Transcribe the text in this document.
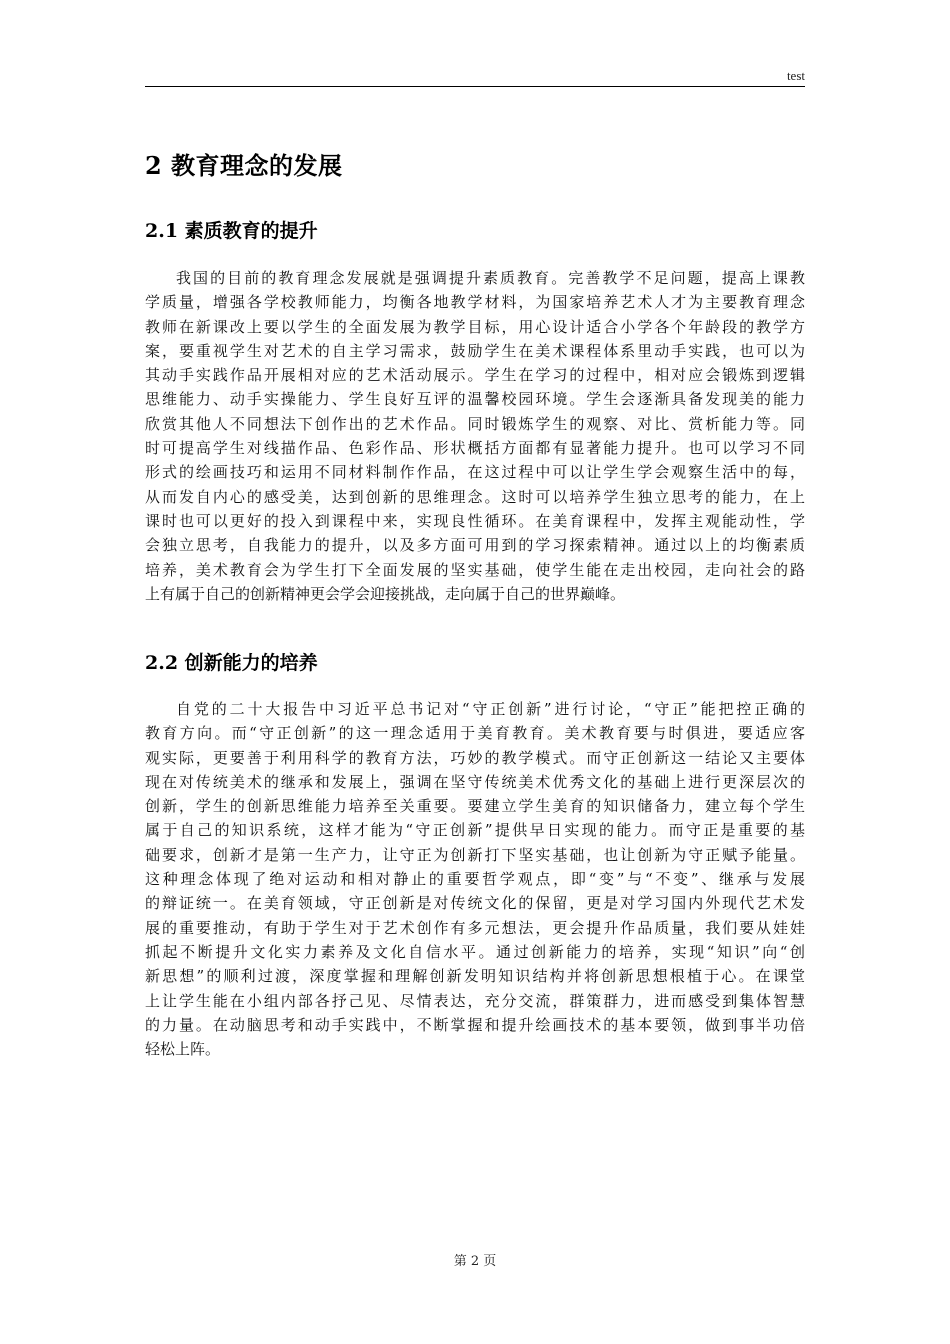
test
2 教育理念的发展
2.1 素质教育的提升
我国的目前的教育理念发展就是强调提升素质教育。完善教学不足问题，提高上课教
学质量，增强各学校教师能力，均衡各地教学材料，为国家培养艺术人才为主要教育理念
教师在新课改上要以学生的全面发展为教学目标，用心设计适合小学各个年龄段的教学方
案，要重视学生对艺术的自主学习需求，鼓励学生在美术课程体系里动手实践，也可以为
其动手实践作品开展相对应的艺术活动展示。学生在学习的过程中，相对应会锻炼到逻辑
思维能力、动手实操能力、学生良好互评的温馨校园环境。学生会逐渐具备发现美的能力
欣赏其他人不同想法下创作出的艺术作品。同时锻炼学生的观察、对比、赏析能力等。同
时可提高学生对线描作品、色彩作品、形状概括方面都有显著能力提升。也可以学习不同
形式的绘画技巧和运用不同材料制作作品，在这过程中可以让学生学会观察生活中的每，
从而发自内心的感受美，达到创新的思维理念。这时可以培养学生独立思考的能力，在上
课时也可以更好的投入到课程中来，实现良性循环。在美育课程中，发挥主观能动性，学
会独立思考，自我能力的提升，以及多方面可用到的学习探索精神。通过以上的均衡素质
培养，美术教育会为学生打下全面发展的坚实基础，使学生能在走出校园，走向社会的路
上有属于自己的创新精神更会学会迎接挑战，走向属于自己的世界巅峰。
2.2 创新能力的培养
自党的二十大报告中习近平总书记对“守正创新”进行讨论，“守正”能把控正确的
教育方向。而“守正创新”的这一理念适用于美育教育。美术教育要与时俱进，要适应客
观实际，更要善于利用科学的教育方法，巧妙的教学模式。而守正创新这一结论又主要体
现在对传统美术的继承和发展上，强调在坚守传统美术优秀文化的基础上进行更深层次的
创新，学生的创新思维能力培养至关重要。要建立学生美育的知识储备力，建立每个学生
属于自己的知识系统，这样才能为“守正创新”提供早日实现的能力。而守正是重要的基
础要求，创新才是第一生产力，让守正为创新打下坚实基础，也让创新为守正赋予能量。
这种理念体现了绝对运动和相对静止的重要哲学观点，即“变”与“不变”、继承与发展
的辩证统一。在美育领域，守正创新是对传统文化的保留，更是对学习国内外现代艺术发
展的重要推动，有助于学生对于艺术创作有多元想法，更会提升作品质量，我们要从娃娃
抓起不断提升文化实力素养及文化自信水平。通过创新能力的培养，实现“知识”向“创
新思想”的顺利过渡，深度掌握和理解创新发明知识结构并将创新思想根植于心。在课堂
上让学生能在小组内部各抒己见、尽情表达，充分交流，群策群力，进而感受到集体智慧
的力量。在动脑思考和动手实践中，不断掌握和提升绘画技术的基本要领，做到事半功倍
轻松上阵。
第 2 页
